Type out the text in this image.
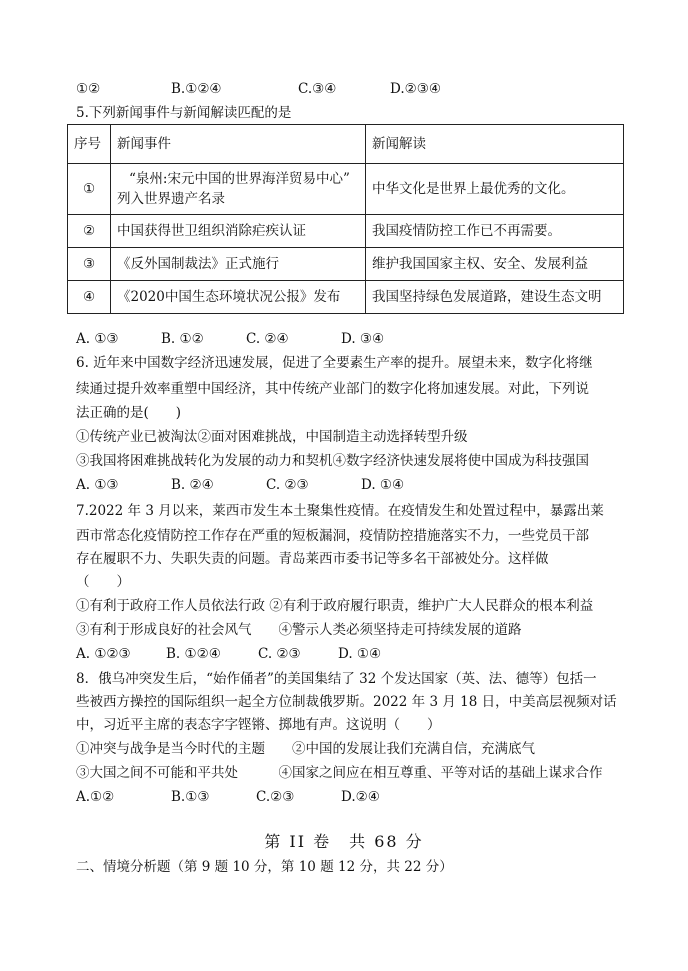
①②	B.①②④	C.③④	D.②③④
5.下列新闻事件与新闻解读匹配的是
序号	新闻事件	新闻解读
①	“泉州:宋元中国的世界海洋贸易中心”
列入世界遗产名录	中华文化是世界上最优秀的文化。
②	中国获得世卫组织消除疟疾认证	我国疫情防控工作已不再需要。
③	《反外国制裁法》正式施行	维护我国国家主权、安全、发展利益
④	《2020中国生态环境状况公报》发布	我国坚持绿色发展道路，建设生态文明
A. ①③	B. ①②	C. ②④	D. ③④
6. 近年来中国数字经济迅速发展，促进了全要素生产率的提升。展望未来，数字化将继
续通过提升效率重塑中国经济，其中传统产业部门的数字化将加速发展。对此，下列说
法正确的是(　　)
①传统产业已被淘汰②面对困难挑战，中国制造主动选择转型升级
③我国将困难挑战转化为发展的动力和契机④数字经济快速发展将使中国成为科技强国
A. ①③	B. ②④	C. ②③	D. ①④
7.2022 年 3 月以来，莱西市发生本土聚集性疫情。在疫情发生和处置过程中，暴露出莱
西市常态化疫情防控工作存在严重的短板漏洞，疫情防控措施落实不力，一些党员干部
存在履职不力、失职失责的问题。青岛莱西市委书记等多名干部被处分。这样做
（　　）
①有利于政府工作人员依法行政 ②有利于政府履行职责，维护广大人民群众的根本利益
③有利于形成良好的社会风气　　④警示人类必须坚持走可持续发展的道路
A. ①②③	B. ①②④	C. ②③	D. ①④
8．俄乌冲突发生后，“始作俑者”的美国集结了 32 个发达国家（英、法、德等）包括一
些被西方操控的国际组织一起全方位制裁俄罗斯。2022 年 3 月 18 日，中美高层视频对话
中，习近平主席的表态字字铿锵、掷地有声。这说明（　　）
①冲突与战争是当今时代的主题　　②中国的发展让我们充满自信，充满底气
③大国之间不可能和平共处　　　④国家之间应在相互尊重、平等对话的基础上谋求合作
A.①②	B.①③	C.②③	D.②④
第 II 卷　共 68 分
二、情境分析题（第 9 题 10 分，第 10 题 12 分，共 22 分）
